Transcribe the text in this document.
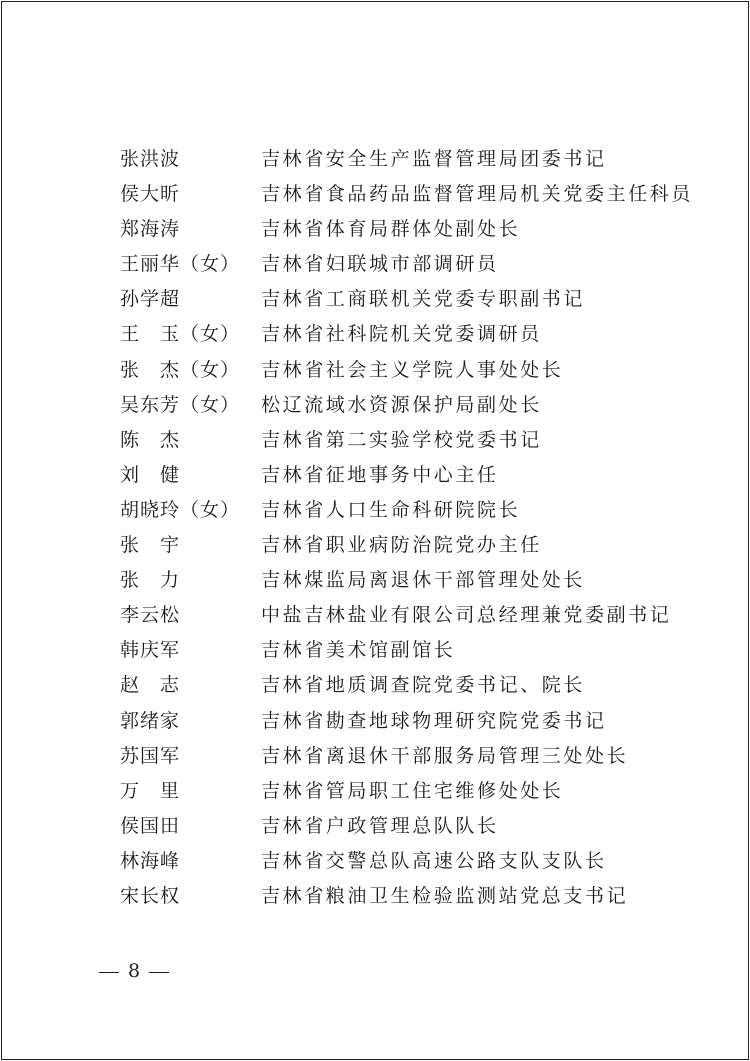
张洪波	吉林省安全生产监督管理局团委书记
侯大昕	吉林省食品药品监督管理局机关党委主任科员
郑海涛	吉林省体育局群体处副处长
王丽华（女） 吉林省妇联城市部调研员
孙学超	吉林省工商联机关党委专职副书记
王　玉（女） 吉林省社科院机关党委调研员
张　杰（女） 吉林省社会主义学院人事处处长
吴东芳（女） 松辽流域水资源保护局副处长
陈　杰	吉林省第二实验学校党委书记
刘　健	吉林省征地事务中心主任
胡晓玲（女） 吉林省人口生命科研院院长
张　宇	吉林省职业病防治院党办主任
张　力	吉林煤监局离退休干部管理处处长
李云松	中盐吉林盐业有限公司总经理兼党委副书记
韩庆军	吉林省美术馆副馆长
赵　志	吉林省地质调查院党委书记、院长
郭绪家	吉林省勘查地球物理研究院党委书记
苏国军	吉林省离退休干部服务局管理三处处长
万　里	吉林省管局职工住宅维修处处长
侯国田	吉林省户政管理总队队长
林海峰	吉林省交警总队高速公路支队支队长
宋长权	吉林省粮油卫生检验监测站党总支书记
8
